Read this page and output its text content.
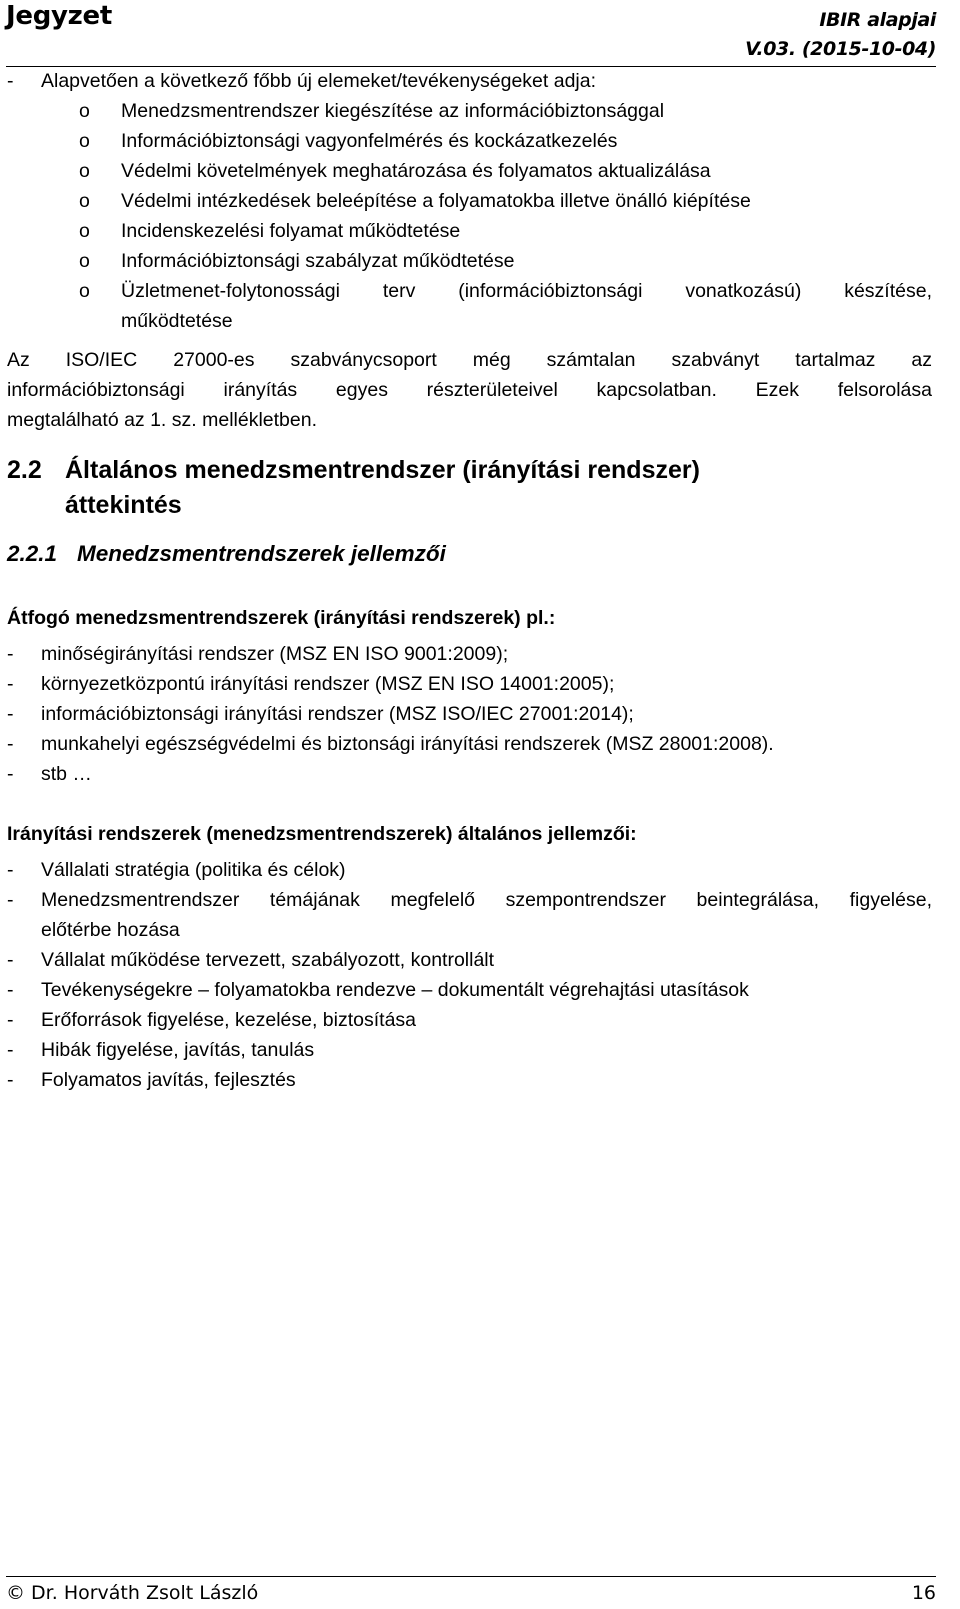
Jegyzet	IBIR alapjai
V.03. (2015-10-04)
-	Alapvetően a következő főbb új elemeket/tevékenységeket adja:
o	Menedzsmentrendszer kiegészítése az információbiztonsággal
o	Információbiztonsági vagyonfelmérés és kockázatkezelés
o	Védelmi követelmények meghatározása és folyamatos aktualizálása
o	Védelmi intézkedések beleépítése a folyamatokba illetve önálló kiépítése
o	Incidenskezelési folyamat működtetése
o	Információbiztonsági szabályzat működtetése
o	Üzletmenet-folytonossági terv (információbiztonsági vonatkozású) készítése,
működtetése
Az ISO/IEC 27000-es szabványcsoport még számtalan szabványt tartalmaz az
információbiztonsági irányítás egyes részterületeivel kapcsolatban. Ezek felsorolása
megtalálható az 1. sz. mellékletben.
2.2 Általános menedzsmentrendszer (irányítási rendszer)
áttekintés
2.2.1 Menedzsmentrendszerek jellemzői
Átfogó menedzsmentrendszerek (irányítási rendszerek) pl.:
-	minőségirányítási rendszer (MSZ EN ISO 9001:2009);
-	környezetközpontú irányítási rendszer (MSZ EN ISO 14001:2005);
-	információbiztonsági irányítási rendszer (MSZ ISO/IEC 27001:2014);
-	munkahelyi egészségvédelmi és biztonsági irányítási rendszerek (MSZ 28001:2008).
-	stb …
Irányítási rendszerek (menedzsmentrendszerek) általános jellemzői:
-	Vállalati stratégia (politika és célok)
-	Menedzsmentrendszer témájának megfelelő szempontrendszer beintegrálása, figyelése,
előtérbe hozása
-	Vállalat működése tervezett, szabályozott, kontrollált
-	Tevékenységekre – folyamatokba rendezve – dokumentált végrehajtási utasítások
-	Erőforrások figyelése, kezelése, biztosítása
-	Hibák figyelése, javítás, tanulás
-	Folyamatos javítás, fejlesztés
© Dr. Horváth Zsolt László	16
